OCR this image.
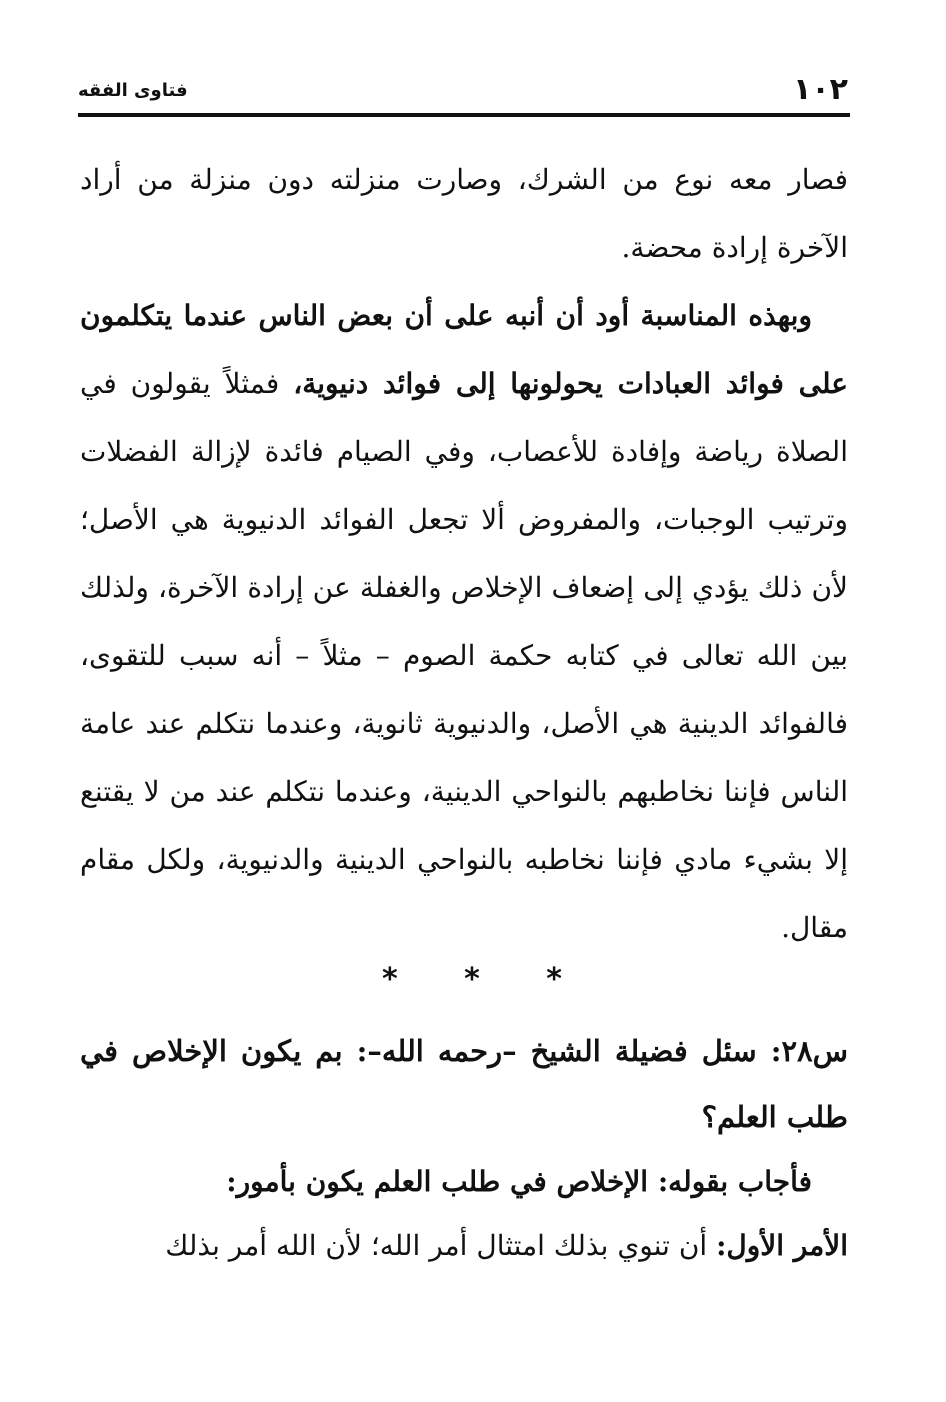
١٠٢
فتاوى الفقه

فصار معه نوع من الشرك، وصارت منزلته دون منزلة من أراد الآخرة إرادة محضة.

وبهذه المناسبة أود أن أنبه على أن بعض الناس عندما يتكلمون على فوائد العبادات يحولونها إلى فوائد دنيوية، فمثلاً يقولون في الصلاة رياضة وإفادة للأعصاب، وفي الصيام فائدة لإزالة الفضلات وترتيب الوجبات، والمفروض ألا تجعل الفوائد الدنيوية هي الأصل؛ لأن ذلك يؤدي إلى إضعاف الإخلاص والغفلة عن إرادة الآخرة، ولذلك بين الله تعالى في كتابه حكمة الصوم – مثلاً – أنه سبب للتقوى، فالفوائد الدينية هي الأصل، والدنيوية ثانوية، وعندما نتكلم عند عامة الناس فإننا نخاطبهم بالنواحي الدينية، وعندما نتكلم عند من لا يقتنع إلا بشيء مادي فإننا نخاطبه بالنواحي الدينية والدنيوية، ولكل مقام مقال.

* * *
س٢٨: سئل فضيلة الشيخ –رحمه الله–: بم يكون الإخلاص في طلب العلم؟

فأجاب بقوله: الإخلاص في طلب العلم يكون بأمور:

الأمر الأول: أن تنوي بذلك امتثال أمر الله؛ لأن الله أمر بذلك
